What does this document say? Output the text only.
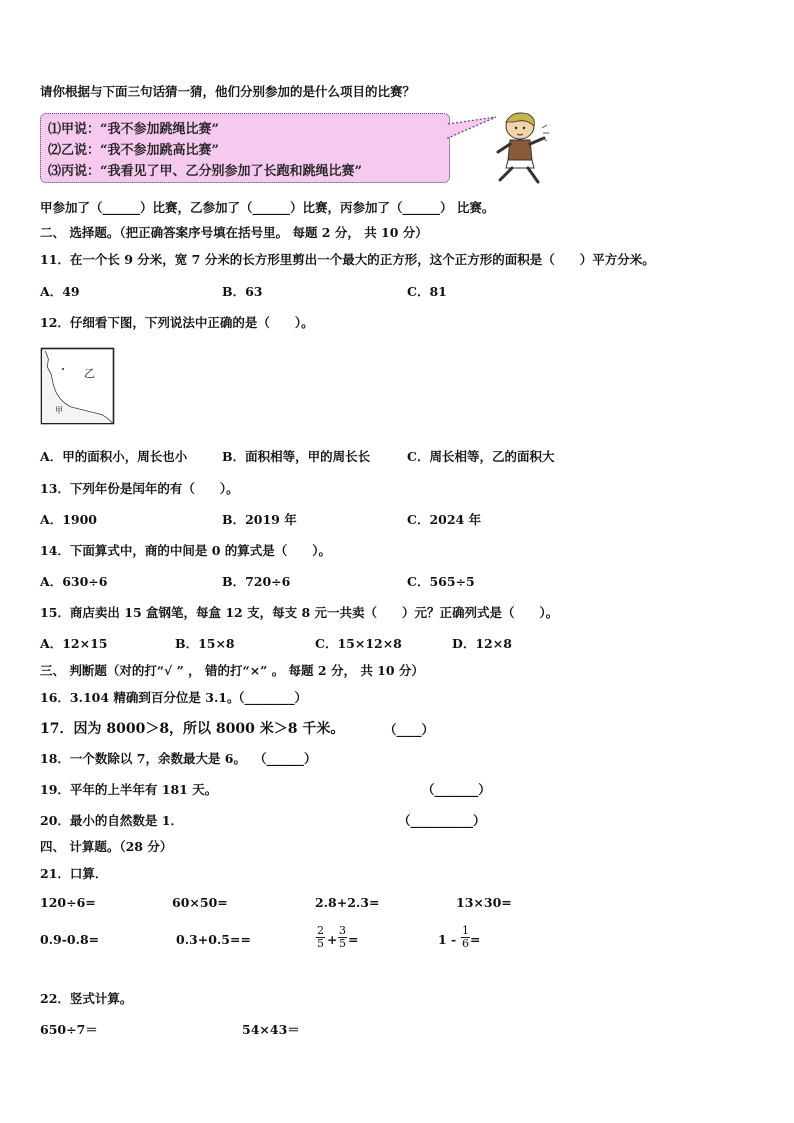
请你根据与下面三句话猜一猜，他们分别参加的是什么项目的比赛？
⑴甲说：“我不参加跳绳比赛”
⑵乙说：“我不参加跳高比赛”
⑶丙说：“我看见了甲、乙分别参加了长跑和跳绳比赛”
甲参加了（______）比赛，乙参加了（______）比赛，丙参加了（______） 比赛。
二、 选择题。（把正确答案序号填在括号里。 每题 2 分， 共 10 分）
11．在一个长 9 分米，宽 7 分米的长方形里剪出一个最大的正方形，这个正方形的面积是（　　）平方分米。
A．49	B．63	C．81
12．仔细看下图，下列说法中正确的是（　　）。
乙
甲
A．甲的面积小，周长也小	B．面积相等，甲的周长长	C．周长相等，乙的面积大
13．下列年份是闰年的有（　　）。
A．1900	B．2019 年	C．2024 年
14．下面算式中，商的中间是 0 的算式是（　　）。
A．630÷6	B．720÷6	C．565÷5
15．商店卖出 15 盒钢笔，每盒 12 支，每支 8 元一共卖（　　）元？正确列式是（　　）。
A．12×15	B．15×8	C．15×12×8	D．12×8
三、 判断题（对的打“√ ” ， 错的打“×” 。 每题 2 分， 共 10 分）
16．3.104 精确到百分位是 3.1。
（________）
17．因为 8000＞8，所以 8000 米＞8 千米。	（____）
18．一个数除以 7，余数最大是 6。 （______）
19．平年的上半年有 181 天。	（_______）
20．最小的自然数是 1．	（__________）
四、 计算题。（28 分）
21．口算．
120÷6=	60×50=	2.8+2.3=	13×30=
0.9-0.8=	0.3+0.5==	$\frac{2}{5} + \frac{3}{5}$ =	$1 - \frac{1}{6}$ =
22．竖式计算。
650÷7＝	54×43＝
